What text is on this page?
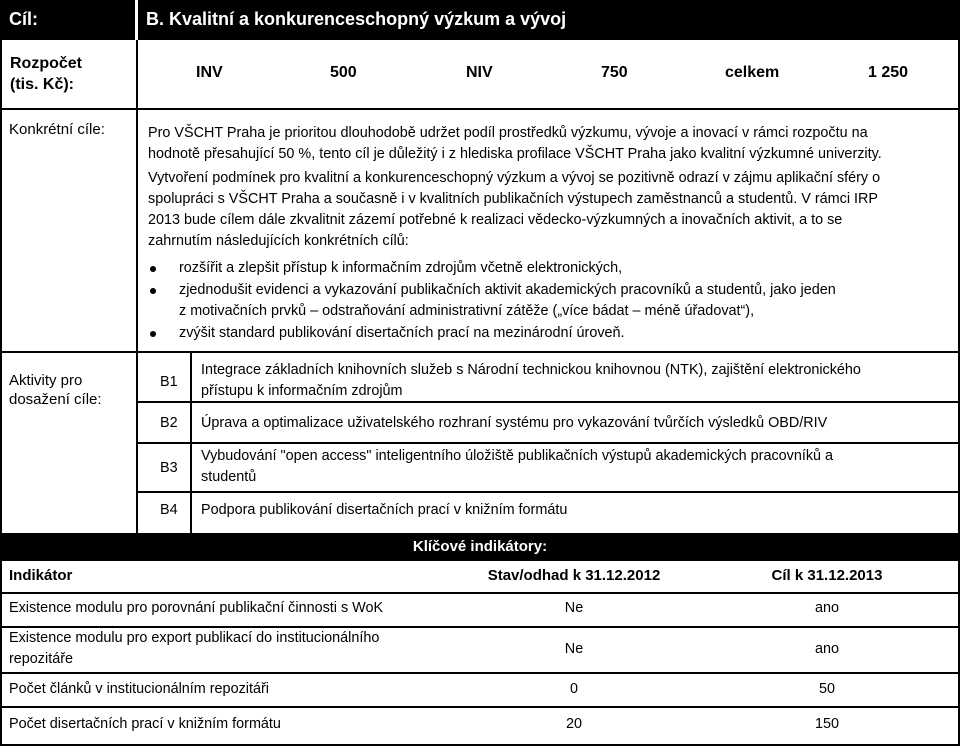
Cíl:	B. Kvalitní a konkurenceschopný výzkum a vývoj
Rozpočet
(tis. Kč):
INV	500	NIV	750	celkem	1 250
Konkrétní cíle:	Pro VŠCHT Praha je prioritou dlouhodobě udržet podíl prostředků výzkumu, vývoje a inovací v rámci rozpočtu na
hodnotě přesahující 50 %, tento cíl je důležitý i z hlediska profilace VŠCHT Praha jako kvalitní výzkumné univerzity.
Vytvoření podmínek pro kvalitní a konkurenceschopný výzkum a vývoj se pozitivně odrazí v zájmu aplikační sféry o
spolupráci s VŠCHT Praha a současně i v kvalitních publikačních výstupech zaměstnanců a studentů. V rámci IRP
2013 bude cílem dále zkvalitnit zázemí potřebné k realizaci vědecko-výzkumných a inovačních aktivit, a to se
zahrnutím následujících konkrétních cílů:
rozšířit a zlepšit přístup k informačním zdrojům včetně elektronických,
zjednodušit evidenci a vykazování publikačních aktivit akademických pracovníků a studentů, jako jeden
z motivačních prvků – odstraňování administrativní zátěže („více bádat – méně úřadovat“),
zvýšit standard publikování disertačních prací na mezinárodní úroveň.
Aktivity pro
dosažení cíle:
B1
Integrace základních knihovních služeb s Národní technickou knihovnou (NTK), zajištění elektronického
přístupu k informačním zdrojům
B2 Úprava a optimalizace uživatelského rozhraní systému pro vykazování tvůrčích výsledků OBD/RIV
B3
Vybudování "open access" inteligentního úložiště publikačních výstupů akademických pracovníků a
studentů
B4 Podpora publikování disertačních prací v knižním formátu
Klíčové indikátory:
Indikátor	Stav/odhad k 31.12.2012	Cíl k 31.12.2013
Existence modulu pro porovnání publikační činnosti s WoK	Ne	ano
Existence modulu pro export publikací do institucionálního
repozitáře
Ne	ano
Počet článků v institucionálním repozitáři	0	50
Počet disertačních prací v knižním formátu	20	150
